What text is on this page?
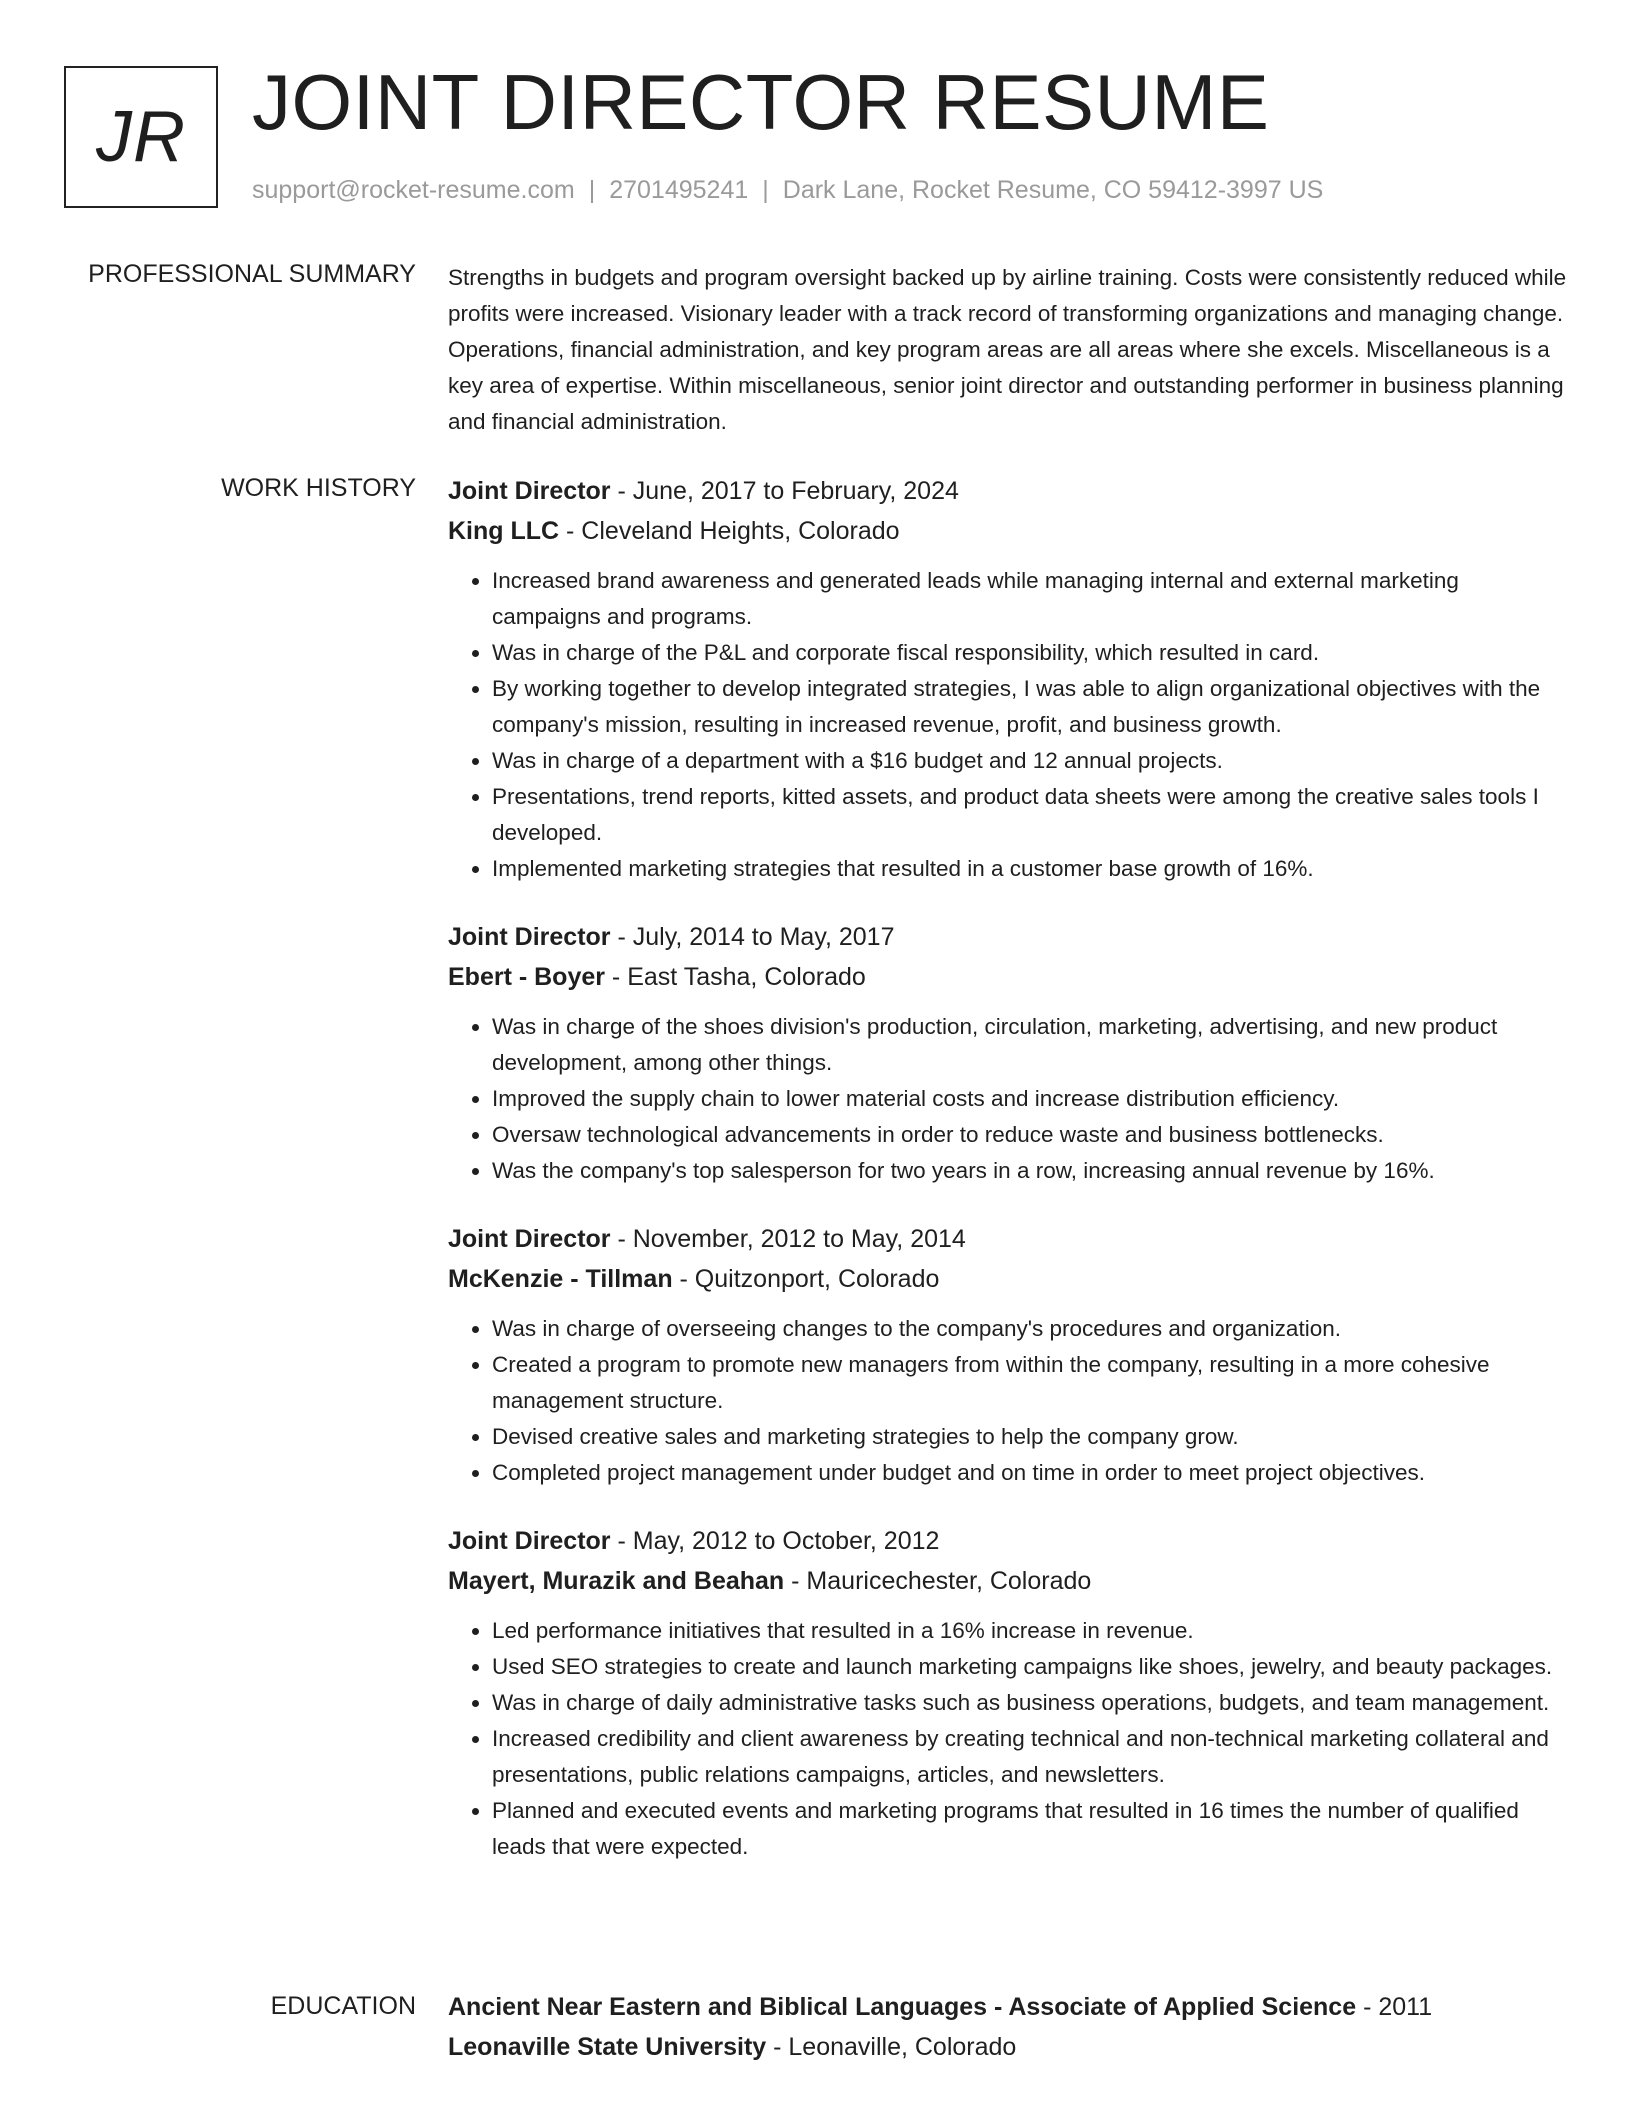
JR JOINT DIRECTOR RESUME
support@rocket-resume.com | 2701495241 | Dark Lane, Rocket Resume, CO 59412-3997 US
PROFESSIONAL SUMMARY Strengths in budgets and program oversight backed up by airline training. Costs were consistently reduced while profits were increased. Visionary leader with a track record of transforming organizations and managing change. Operations, financial administration, and key program areas are all areas where she excels. Miscellaneous is a key area of expertise. Within miscellaneous, senior joint director and outstanding performer in business planning and financial administration.

WORK HISTORY Joint Director - June, 2017 to February, 2024
King LLC - Cleveland Heights, Colorado
• Increased brand awareness and generated leads while managing internal and external marketing campaigns and programs.
• Was in charge of the P&L and corporate fiscal responsibility, which resulted in card.
• By working together to develop integrated strategies, I was able to align organizational objectives with the company's mission, resulting in increased revenue, profit, and business growth.
• Was in charge of a department with a $16 budget and 12 annual projects.
• Presentations, trend reports, kitted assets, and product data sheets were among the creative sales tools I developed.
• Implemented marketing strategies that resulted in a customer base growth of 16%.
Joint Director - July, 2014 to May, 2017
Ebert - Boyer - East Tasha, Colorado
• Was in charge of the shoes division's production, circulation, marketing, advertising, and new product development, among other things.
• Improved the supply chain to lower material costs and increase distribution efficiency.
• Oversaw technological advancements in order to reduce waste and business bottlenecks.
• Was the company's top salesperson for two years in a row, increasing annual revenue by 16%.
Joint Director - November, 2012 to May, 2014
McKenzie - Tillman - Quitzonport, Colorado
• Was in charge of overseeing changes to the company's procedures and organization.
• Created a program to promote new managers from within the company, resulting in a more cohesive management structure.
• Devised creative sales and marketing strategies to help the company grow.
• Completed project management under budget and on time in order to meet project objectives.
Joint Director - May, 2012 to October, 2012
Mayert, Murazik and Beahan - Mauricechester, Colorado
• Led performance initiatives that resulted in a 16% increase in revenue.
• Used SEO strategies to create and launch marketing campaigns like shoes, jewelry, and beauty packages.
• Was in charge of daily administrative tasks such as business operations, budgets, and team management.
• Increased credibility and client awareness by creating technical and non-technical marketing collateral and presentations, public relations campaigns, articles, and newsletters.
• Planned and executed events and marketing programs that resulted in 16 times the number of qualified leads that were expected.
EDUCATION Ancient Near Eastern and Biblical Languages - Associate of Applied Science - 2011
Leonaville State University - Leonaville, Colorado
